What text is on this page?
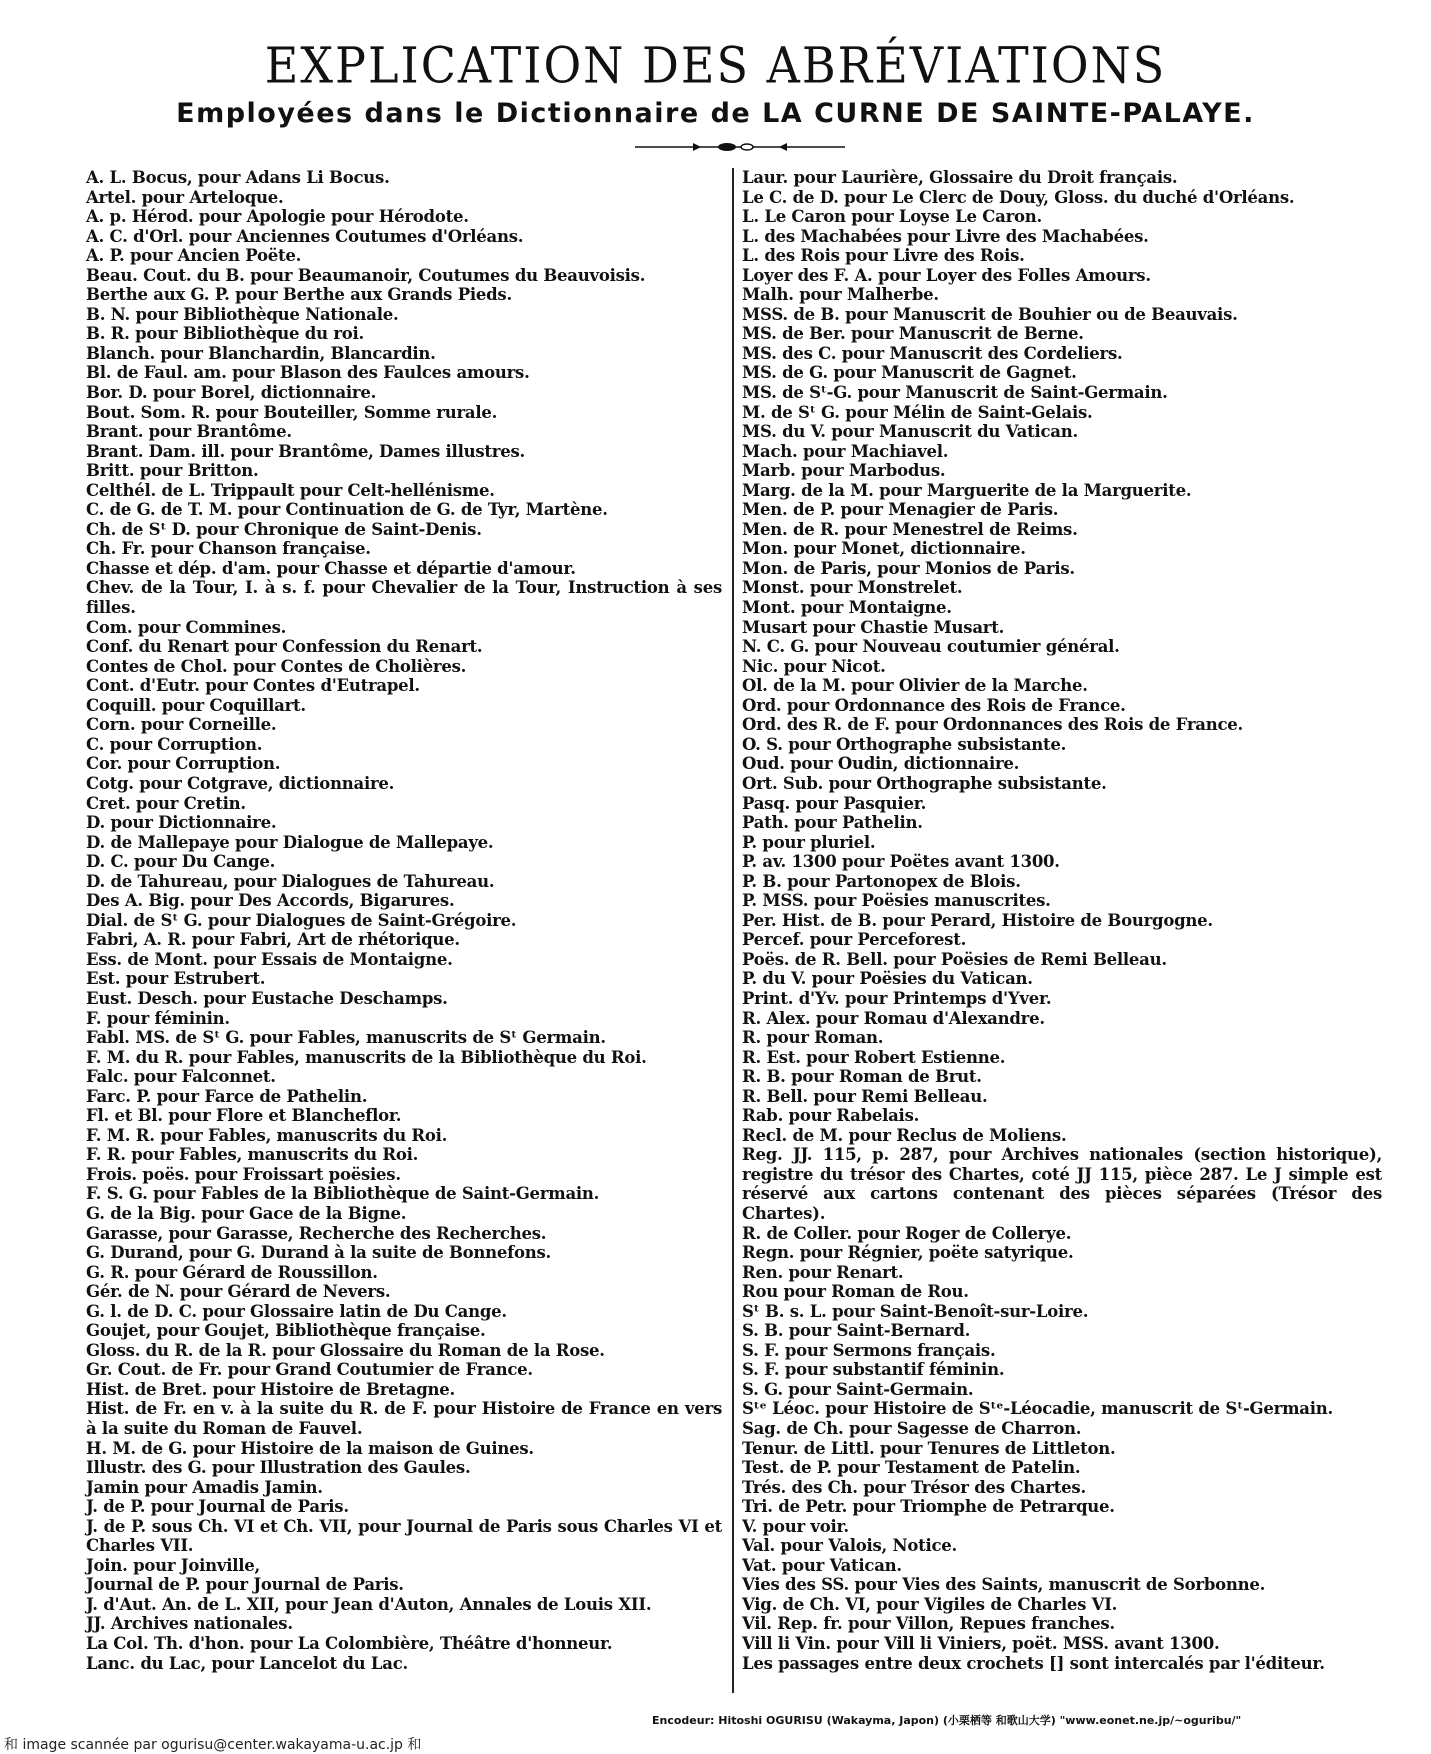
EXPLICATION DES ABRÉVIATIONS
Employées dans le Dictionnaire de LA CURNE DE SAINTE-PALAYE.
A. L. Bocus, pour Adans Li Bocus.
Artel. pour Arteloque.
A. p. Hérod. pour Apologie pour Hérodote.
A. C. d'Orl. pour Anciennes Coutumes d'Orléans.
A. P. pour Ancien Poëte.
Beau. Cout. du B. pour Beaumanoir, Coutumes du Beauvoisis.
Berthe aux G. P. pour Berthe aux Grands Pieds.
B. N. pour Bibliothèque Nationale.
B. R. pour Bibliothèque du roi.
Blanch. pour Blanchardin, Blancardin.
Bl. de Faul. am. pour Blason des Faulces amours.
Bor. D. pour Borel, dictionnaire.
Bout. Som. R. pour Bouteiller, Somme rurale.
Brant. pour Brantôme.
Brant. Dam. ill. pour Brantôme, Dames illustres.
Britt. pour Britton.
Celthél. de L. Trippault pour Celt-hellénisme.
C. de G. de T. M. pour Continuation de G. de Tyr, Martène.
Ch. de Sᵗ D. pour Chronique de Saint-Denis.
Ch. Fr. pour Chanson française.
Chasse et dép. d'am. pour Chasse et départie d'amour.
Chev. de la Tour, I. à s. f. pour Chevalier de la Tour, Instruction à ses filles.
Com. pour Commines.
Conf. du Renart pour Confession du Renart.
Contes de Chol. pour Contes de Cholières.
Cont. d'Eutr. pour Contes d'Eutrapel.
Coquill. pour Coquillart.
Corn. pour Corneille.
C. pour Corruption.
Cor. pour Corruption.
Cotg. pour Cotgrave, dictionnaire.
Cret. pour Cretin.
D. pour Dictionnaire.
D. de Mallepaye pour Dialogue de Mallepaye.
D. C. pour Du Cange.
D. de Tahureau, pour Dialogues de Tahureau.
Des A. Big. pour Des Accords, Bigarures.
Dial. de Sᵗ G. pour Dialogues de Saint-Grégoire.
Fabri, A. R. pour Fabri, Art de rhétorique.
Ess. de Mont. pour Essais de Montaigne.
Est. pour Estrubert.
Eust. Desch. pour Eustache Deschamps.
F. pour féminin.
Fabl. MS. de Sᵗ G. pour Fables, manuscrits de Sᵗ Germain.
F. M. du R. pour Fables, manuscrits de la Bibliothèque du Roi.
Falc. pour Falconnet.
Farc. P. pour Farce de Pathelin.
Fl. et Bl. pour Flore et Blancheflor.
F. M. R. pour Fables, manuscrits du Roi.
F. R. pour Fables, manuscrits du Roi.
Frois. poës. pour Froissart poësies.
F. S. G. pour Fables de la Bibliothèque de Saint-Germain.
G. de la Big. pour Gace de la Bigne.
Garasse, pour Garasse, Recherche des Recherches.
G. Durand, pour G. Durand à la suite de Bonnefons.
G. R. pour Gérard de Roussillon.
Gér. de N. pour Gérard de Nevers.
G. l. de D. C. pour Glossaire latin de Du Cange.
Goujet, pour Goujet, Bibliothèque française.
Gloss. du R. de la R. pour Glossaire du Roman de la Rose.
Gr. Cout. de Fr. pour Grand Coutumier de France.
Hist. de Bret. pour Histoire de Bretagne.
Hist. de Fr. en v. à la suite du R. de F. pour Histoire de France en vers à la suite du Roman de Fauvel.
H. M. de G. pour Histoire de la maison de Guines.
Illustr. des G. pour Illustration des Gaules.
Jamin pour Amadis Jamin.
J. de P. pour Journal de Paris.
J. de P. sous Ch. VI et Ch. VII, pour Journal de Paris sous Charles VI et Charles VII.
Join. pour Joinville,
Journal de P. pour Journal de Paris.
J. d'Aut. An. de L. XII, pour Jean d'Auton, Annales de Louis XII.
JJ. Archives nationales.
La Col. Th. d'hon. pour La Colombière, Théâtre d'honneur.
Lanc. du Lac, pour Lancelot du Lac.
Laur. pour Laurière, Glossaire du Droit français.
Le C. de D. pour Le Clerc de Douy, Gloss. du duché d'Orléans.
L. Le Caron pour Loyse Le Caron.
L. des Machabées pour Livre des Machabées.
L. des Rois pour Livre des Rois.
Loyer des F. A. pour Loyer des Folles Amours.
Malh. pour Malherbe.
MSS. de B. pour Manuscrit de Bouhier ou de Beauvais.
MS. de Ber. pour Manuscrit de Berne.
MS. des C. pour Manuscrit des Cordeliers.
MS. de G. pour Manuscrit de Gagnet.
MS. de Sᵗ-G. pour Manuscrit de Saint-Germain.
M. de Sᵗ G. pour Mélin de Saint-Gelais.
MS. du V. pour Manuscrit du Vatican.
Mach. pour Machiavel.
Marb. pour Marbodus.
Marg. de la M. pour Marguerite de la Marguerite.
Men. de P. pour Menagier de Paris.
Men. de R. pour Menestrel de Reims.
Mon. pour Monet, dictionnaire.
Mon. de Paris, pour Monios de Paris.
Monst. pour Monstrelet.
Mont. pour Montaigne.
Musart pour Chastie Musart.
N. C. G. pour Nouveau coutumier général.
Nic. pour Nicot.
Ol. de la M. pour Olivier de la Marche.
Ord. pour Ordonnance des Rois de France.
Ord. des R. de F. pour Ordonnances des Rois de France.
O. S. pour Orthographe subsistante.
Oud. pour Oudin, dictionnaire.
Ort. Sub. pour Orthographe subsistante.
Pasq. pour Pasquier.
Path. pour Pathelin.
P. pour pluriel.
P. av. 1300 pour Poëtes avant 1300.
P. B. pour Partonopex de Blois.
P. MSS. pour Poësies manuscrites.
Per. Hist. de B. pour Perard, Histoire de Bourgogne.
Percef. pour Perceforest.
Poës. de R. Bell. pour Poësies de Remi Belleau.
P. du V. pour Poësies du Vatican.
Print. d'Yv. pour Printemps d'Yver.
R. Alex. pour Romau d'Alexandre.
R. pour Roman.
R. Est. pour Robert Estienne.
R. B. pour Roman de Brut.
R. Bell. pour Remi Belleau.
Rab. pour Rabelais.
Recl. de M. pour Reclus de Moliens.
Reg. JJ. 115, p. 287, pour Archives nationales (section historique), registre du trésor des Chartes, coté JJ 115, pièce 287. Le J simple est réservé aux cartons contenant des pièces séparées (Trésor des Chartes).
R. de Coller. pour Roger de Collerye.
Regn. pour Régnier, poëte satyrique.
Ren. pour Renart.
Rou pour Roman de Rou.
Sᵗ B. s. L. pour Saint-Benoît-sur-Loire.
S. B. pour Saint-Bernard.
S. F. pour Sermons français.
S. F. pour substantif féminin.
S. G. pour Saint-Germain.
Sᵗᵉ Léoc. pour Histoire de Sᵗᵉ-Léocadie, manuscrit de Sᵗ-Germain.
Sag. de Ch. pour Sagesse de Charron.
Tenur. de Littl. pour Tenures de Littleton.
Test. de P. pour Testament de Patelin.
Trés. des Ch. pour Trésor des Chartes.
Tri. de Petr. pour Triomphe de Petrarque.
V. pour voir.
Val. pour Valois, Notice.
Vat. pour Vatican.
Vies des SS. pour Vies des Saints, manuscrit de Sorbonne.
Vig. de Ch. VI, pour Vigiles de Charles VI.
Vil. Rep. fr. pour Villon, Repues franches.
Vill li Vin. pour Vill li Viniers, poët. MSS. avant 1300.
Les passages entre deux crochets [] sont intercalés par l'éditeur.
Encodeur: Hitoshi OGURISU (Wakayma, Japon) (小栗栖等 和歌山大学) "www.eonet.ne.jp/~oguribu/"
和 image scannée par ogurisu@center.wakayama-u.ac.jp 和
